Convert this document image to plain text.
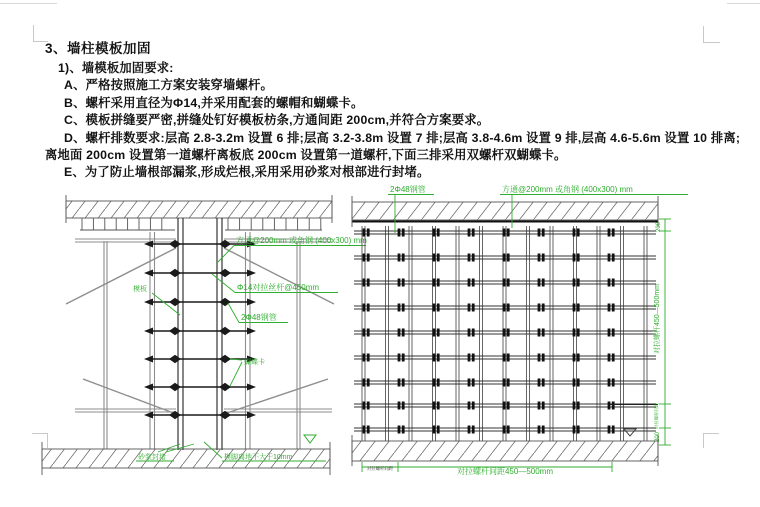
3、墙柱模板加固

1)、墙模板加固要求:

A、严格按照施工方案安装穿墙螺杆。

B、螺杆采用直径为Φ14,并采用配套的螺帽和蝴蝶卡。

C、模板拼缝要严密,拼缝处钉好模板枋条,方通间距 200cm,并符合方案要求。

D、螺杆排数要求:层高 2.8-3.2m 设置 6 排;层高 3.2-3.8m 设置 7 排;层高 3.8-4.6m 设置 9 排,层高 4.6-5.6m 设置 10 排离;离地面 200cm 设置第一道螺杆离板底 200cm 设置第一道螺杆,下面三排采用双螺杆双蝴蝶卡。

E、为了防止墙根部漏浆,形成烂根,采用采用砂浆对根部进行封堵。

方通@200mm 或角钢 (400x300) mm
Φ14对拉丝杆@450mm
2Φ48钢管
模板
蝴蝶卡
砂浆封堵	模脚离地不大于10mm
2Φ48钢管	方通@200mm 或角钢 (400x300) mm
200
对拉螺杆450—500mm
对拉螺杆间距
200
对拉螺杆间距	对拉螺杆间距450—500mm
